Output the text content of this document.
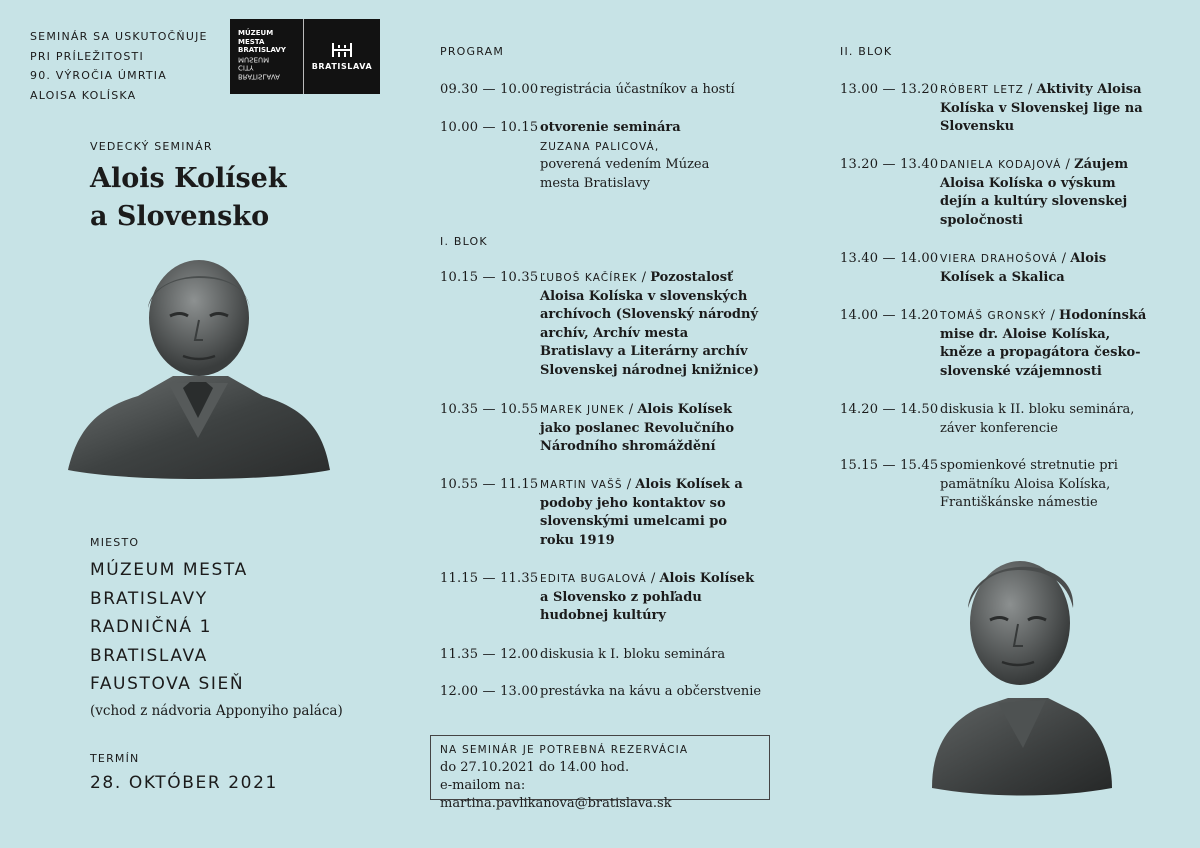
SEMINÁR SA USKUTOČŇUJE
PRI PRÍLEŽITOSTI
90. VÝROČIA ÚMRTIA
ALOISA KOLÍSKA
MÚZEUM
MESTA
BRATISLAVY
BRATISLAVA
CITY
MUSEUM
BRATISLAVA
VEDECKÝ SEMINÁR
Alois Kolísek
a Slovensko
MIESTO
MÚZEUM MESTA
BRATISLAVY
RADNIČNÁ 1
BRATISLAVA
FAUSTOVA SIEŇ
(vchod z nádvoria Apponyiho paláca)
TERMÍN
28. OKTÓBER 2021
PROGRAM
09.30 — 10.00 registrácia účastníkov a hostí
10.00 — 10.15 otvorenie seminára
ZUZANA PALICOVÁ,
poverená vedením Múzea mesta Bratislavy
I. BLOK
10.15 — 10.35 ĽUBOŠ KAČÍREK / Pozostalosť Aloisa Kolíska v slovenských archívoch (Slovenský národný archív, Archív mesta Bratislavy a Literárny archív Slovenskej národnej knižnice)
10.35 — 10.55 MAREK JUNEK / Alois Kolísek jako poslanec Revolučního Národního shromáždění
10.55 — 11.15 MARTIN VAŠŠ / Alois Kolísek a podoby jeho kontaktov so slovenskými umelcami po roku 1919
11.15 — 11.35 EDITA BUGALOVÁ / Alois Kolísek a Slovensko z pohľadu hudobnej kultúry
11.35 — 12.00 diskusia k I. bloku seminára
12.00 — 13.00 prestávka na kávu a občerstvenie
NA SEMINÁR JE POTREBNÁ REZERVÁCIA
do 27.10.2021 do 14.00 hod.
e-mailom na: martina.pavlikanova@bratislava.sk
II. BLOK
13.00 — 13.20 RÓBERT LETZ / Aktivity Aloisa Kolíska v Slovenskej lige na Slovensku
13.20 — 13.40 DANIELA KODAJOVÁ / Záujem Aloisa Kolíska o výskum dejín a kultúry slovenskej spoločnosti
13.40 — 14.00 VIERA DRAHOŠOVÁ / Alois Kolísek a Skalica
14.00 — 14.20 TOMÁŠ GRONSKÝ / Hodonínská mise dr. Aloise Kolíska, kněze a propagátora česko-slovenské vzájemnosti
14.20 — 14.50 diskusia k II. bloku seminára, záver konferencie
15.15 — 15.45 spomienkové stretnutie pri pamätníku Aloisa Kolíska, Františkánske námestie
